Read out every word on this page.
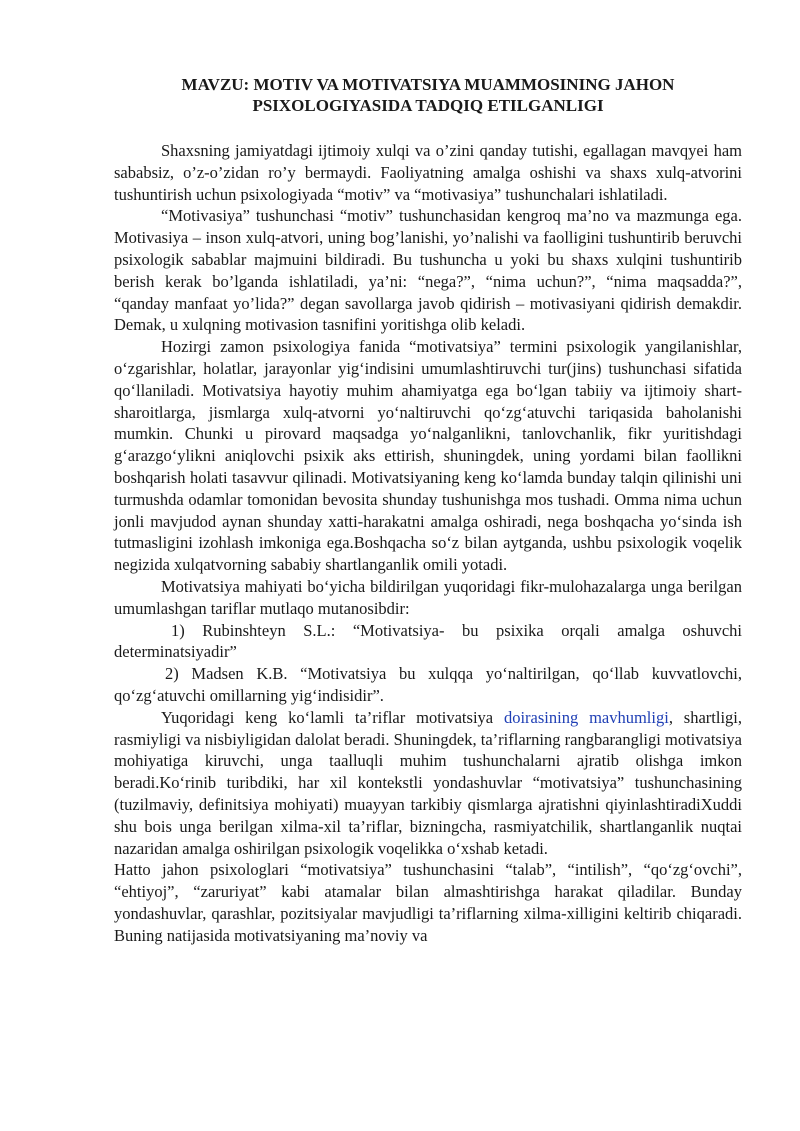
MAVZU: MOTIV VA MOTIVATSIYA MUAMMOSINING JAHON
PSIXOLOGIYASIDA TADQIQ ETILGANLIGI

Shaxsning jamiyatdagi ijtimoiy xulqi va o’zini qanday tutishi, egallagan mavqyei ham sababsiz, o’z-o’zidan ro’y bermaydi. Faoliyatning amalga oshishi va shaxs xulq-atvorini tushuntirish uchun psixologiyada “motiv” va “motivasiya” tushunchalari ishlatiladi.

“Motivasiya” tushunchasi “motiv” tushunchasidan kengroq ma’no va mazmunga ega. Motivasiya – inson xulq-atvori, uning bog’lanishi, yo’nalishi va faolligini tushuntirib beruvchi psixologik sabablar majmuini bildiradi. Bu tushuncha u yoki bu shaxs xulqini tushuntirib berish kerak bo’lganda ishlatiladi, ya’ni: “nega?”, “nima uchun?”, “nima maqsadda?”, “qanday manfaat yo’lida?” degan savollarga javob qidirish – motivasiyani qidirish demakdir. Demak, u xulqning motivasion tasnifini yoritishga olib keladi.

Hozirgi zamon psixologiya fanida “motivatsiya” termini psixologik yangilanishlar, o‘zgarishlar, holatlar, jarayonlar yig‘indisini umumlashtiruvchi tur(jins) tushunchasi sifatida qo‘llaniladi. Motivatsiya hayotiy muhim ahamiyatga ega bo‘lgan tabiiy va ijtimoiy shart-sharoitlarga, jismlarga xulq-atvorni yo‘naltiruvchi qo‘zg‘atuvchi tariqasida baholanishi mumkin. Chunki u pirovard maqsadga yo‘nalganlikni, tanlovchanlik, fikr yuritishdagi g‘arazgo‘ylikni aniqlovchi psixik aks ettirish, shuningdek, uning yordami bilan faollikni boshqarish holati tasavvur qilinadi. Motivatsiyaning keng ko‘lamda bunday talqin qilinishi uni turmushda odamlar tomonidan bevosita shunday tushunishga mos tushadi. Omma nima uchun jonli mavjudod aynan shunday xatti-harakatni amalga oshiradi, nega boshqacha yo‘sinda ish tutmasligini izohlash imkoniga ega.Boshqacha so‘z bilan aytganda, ushbu psixologik voqelik negizida xulqatvorning sababiy shartlanganlik omili yotadi.

Motivatsiya mahiyati bo‘yicha bildirilgan yuqoridagi fikr-mulohazalarga unga berilgan umumlashgan tariflar mutlaqo mutanosibdir:

1) Rubinshteyn S.L.: “Motivatsiya- bu psixika orqali amalga oshuvchi determinatsiyadir”

2) Madsen K.B. “Motivatsiya bu xulqqa yo‘naltirilgan, qo‘llab kuvvatlovchi, qo‘zg‘atuvchi omillarning yig‘indisidir”.

Yuqoridagi keng ko‘lamli ta’riflar motivatsiya doirasining mavhumligi, shartligi, rasmiyligi va nisbiyligidan dalolat beradi. Shuningdek, ta’riflarning rangbarangligi motivatsiya mohiyatiga kiruvchi, unga taalluqli muhim tushunchalarni ajratib olishga imkon beradi.Ko‘rinib turibdiki, har xil kontekstli yondashuvlar “motivatsiya” tushunchasining (tuzilmaviy, definitsiya mohiyati) muayyan tarkibiy qismlarga ajratishni qiyinlashtiradiXuddi shu bois unga berilgan xilma-xil ta’riflar, bizningcha, rasmiyatchilik, shartlanganlik nuqtai nazaridan amalga oshirilgan psixologik voqelikka o‘xshab ketadi.

Hatto jahon psixologlari “motivatsiya” tushunchasini “talab”, “intilish”, “qo‘zg‘ovchi”, “ehtiyoj”, “zaruriyat” kabi atamalar bilan almashtirishga harakat qiladilar. Bunday yondashuvlar, qarashlar, pozitsiyalar mavjudligi ta’riflarning xilma-xilligini keltirib chiqaradi. Buning natijasida motivatsiyaning ma’noviy va
